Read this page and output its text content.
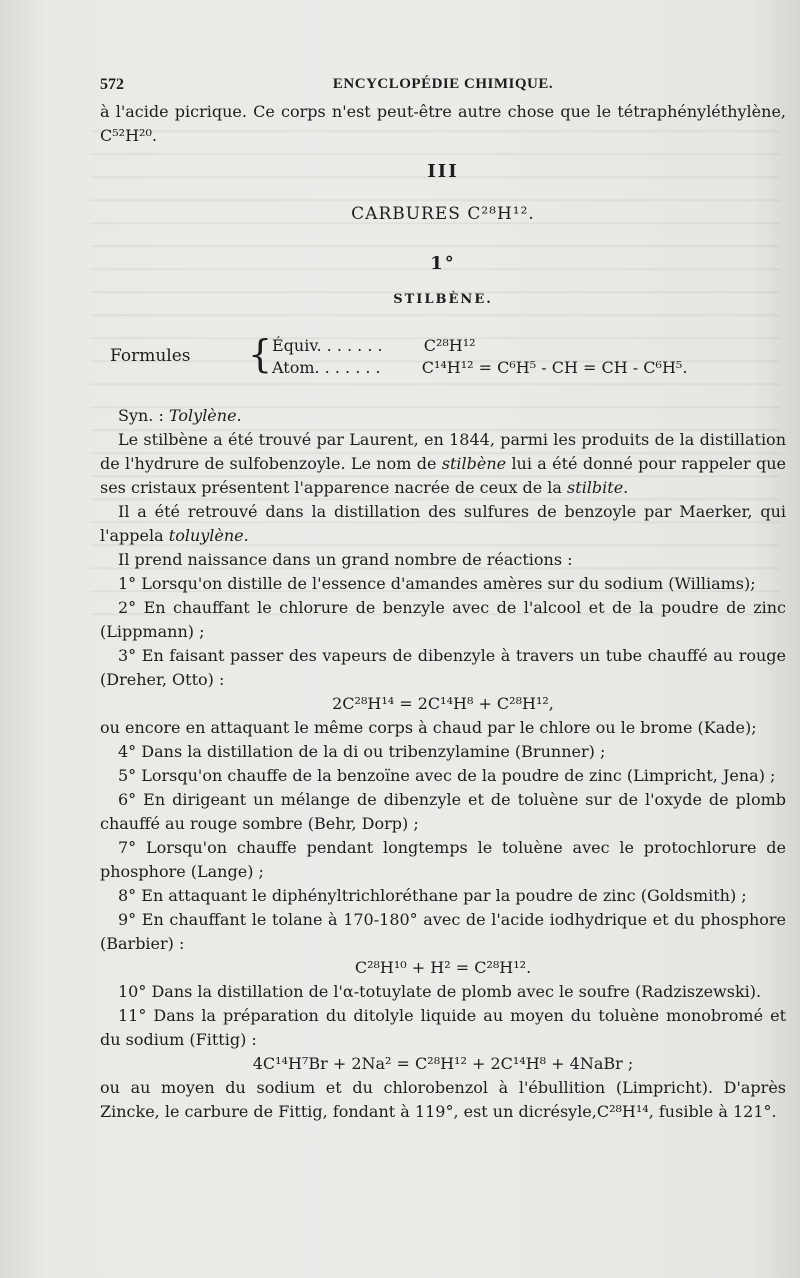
572	ENCYCLOPÉDIE CHIMIQUE.

à l'acide picrique. Ce corps n'est peut-être autre chose que le tétraphényléthylène, C⁵²H²⁰.

III
CARBURES C²⁸H¹².
1°
STILBÈNE.
Formules { Équiv. . . . . . .	C²⁸H¹²
Atom. . . . . . .	C¹⁴H¹² = C⁶H⁵ - CH = CH - C⁶H⁵.

Syn. : Tolylène.

Le stilbène a été trouvé par Laurent, en 1844, parmi les produits de la distillation de l'hydrure de sulfobenzoyle. Le nom de stilbène lui a été donné pour rappeler que ses cristaux présentent l'apparence nacrée de ceux de la stilbite.

Il a été retrouvé dans la distillation des sulfures de benzoyle par Maerker, qui l'appela toluylène.

Il prend naissance dans un grand nombre de réactions :

1° Lorsqu'on distille de l'essence d'amandes amères sur du sodium (Williams);

2° En chauffant le chlorure de benzyle avec de l'alcool et de la poudre de zinc (Lippmann) ;

3° En faisant passer des vapeurs de dibenzyle à travers un tube chauffé au rouge (Dreher, Otto) :

2C²⁸H¹⁴ = 2C¹⁴H⁸ + C²⁸H¹²,

ou encore en attaquant le même corps à chaud par le chlore ou le brome (Kade);

4° Dans la distillation de la di ou tribenzylamine (Brunner) ;

5° Lorsqu'on chauffe de la benzoïne avec de la poudre de zinc (Limpricht, Jena) ;

6° En dirigeant un mélange de dibenzyle et de toluène sur de l'oxyde de plomb chauffé au rouge sombre (Behr, Dorp) ;

7° Lorsqu'on chauffe pendant longtemps le toluène avec le protochlorure de phosphore (Lange) ;

8° En attaquant le diphényltrichloréthane par la poudre de zinc (Goldsmith) ;

9° En chauffant le tolane à 170-180° avec de l'acide iodhydrique et du phosphore (Barbier) :

C²⁸H¹⁰ + H² = C²⁸H¹².

10° Dans la distillation de l'α-totuylate de plomb avec le soufre (Radziszewski).

11° Dans la préparation du ditolyle liquide au moyen du toluène monobromé et du sodium (Fittig) :

4C¹⁴H⁷Br + 2Na² = C²⁸H¹² + 2C¹⁴H⁸ + 4NaBr ;

ou au moyen du sodium et du chlorobenzol à l'ébullition (Limpricht). D'après Zincke, le carbure de Fittig, fondant à 119°, est un dicrésyle,C²⁸H¹⁴, fusible à 121°.
